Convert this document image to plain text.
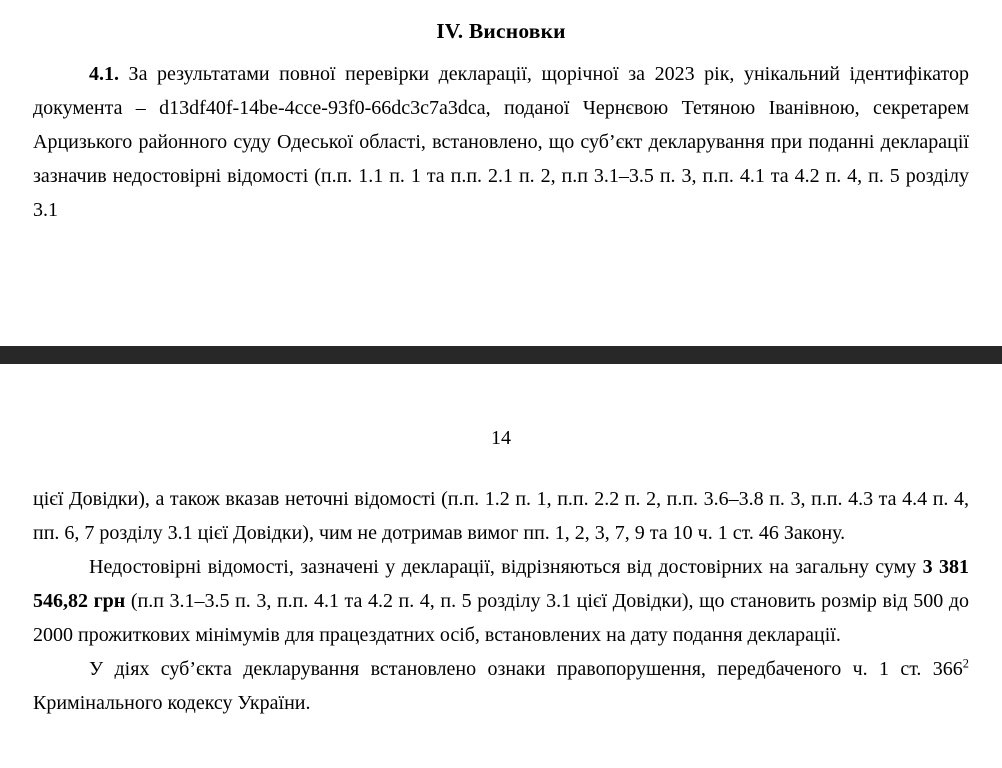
IV. Висновки

4.1. За результатами повної перевірки декларації, щорічної за 2023 рік, унікальний ідентифікатор документа – d13df40f-14be-4cce-93f0-66dc3c7a3dca, поданої Чернєвою Тетяною Іванівною, секретарем Арцизького районного суду Одеської області, встановлено, що суб’єкт декларування при поданні декларації зазначив недостовірні відомості (п.п. 1.1 п. 1 та п.п. 2.1 п. 2, п.п 3.1–3.5 п. 3, п.п. 4.1 та 4.2 п. 4, п. 5 розділу 3.1

14

цієї Довідки), а також вказав неточні відомості (п.п. 1.2 п. 1, п.п. 2.2 п. 2, п.п. 3.6–3.8 п. 3, п.п. 4.3 та 4.4 п. 4, пп. 6, 7 розділу 3.1 цієї Довідки), чим не дотримав вимог пп. 1, 2, 3, 7, 9 та 10 ч. 1 ст. 46 Закону.

Недостовірні відомості, зазначені у декларації, відрізняються від достовірних на загальну суму 3 381 546,82 грн (п.п 3.1–3.5 п. 3, п.п. 4.1 та 4.2 п. 4, п. 5 розділу 3.1 цієї Довідки), що становить розмір від 500 до 2000 прожиткових мінімумів для працездатних осіб, встановлених на дату подання декларації.

У діях суб’єкта декларування встановлено ознаки правопорушення, передбаченого ч. 1 ст. $366^2$ Кримінального кодексу України.
